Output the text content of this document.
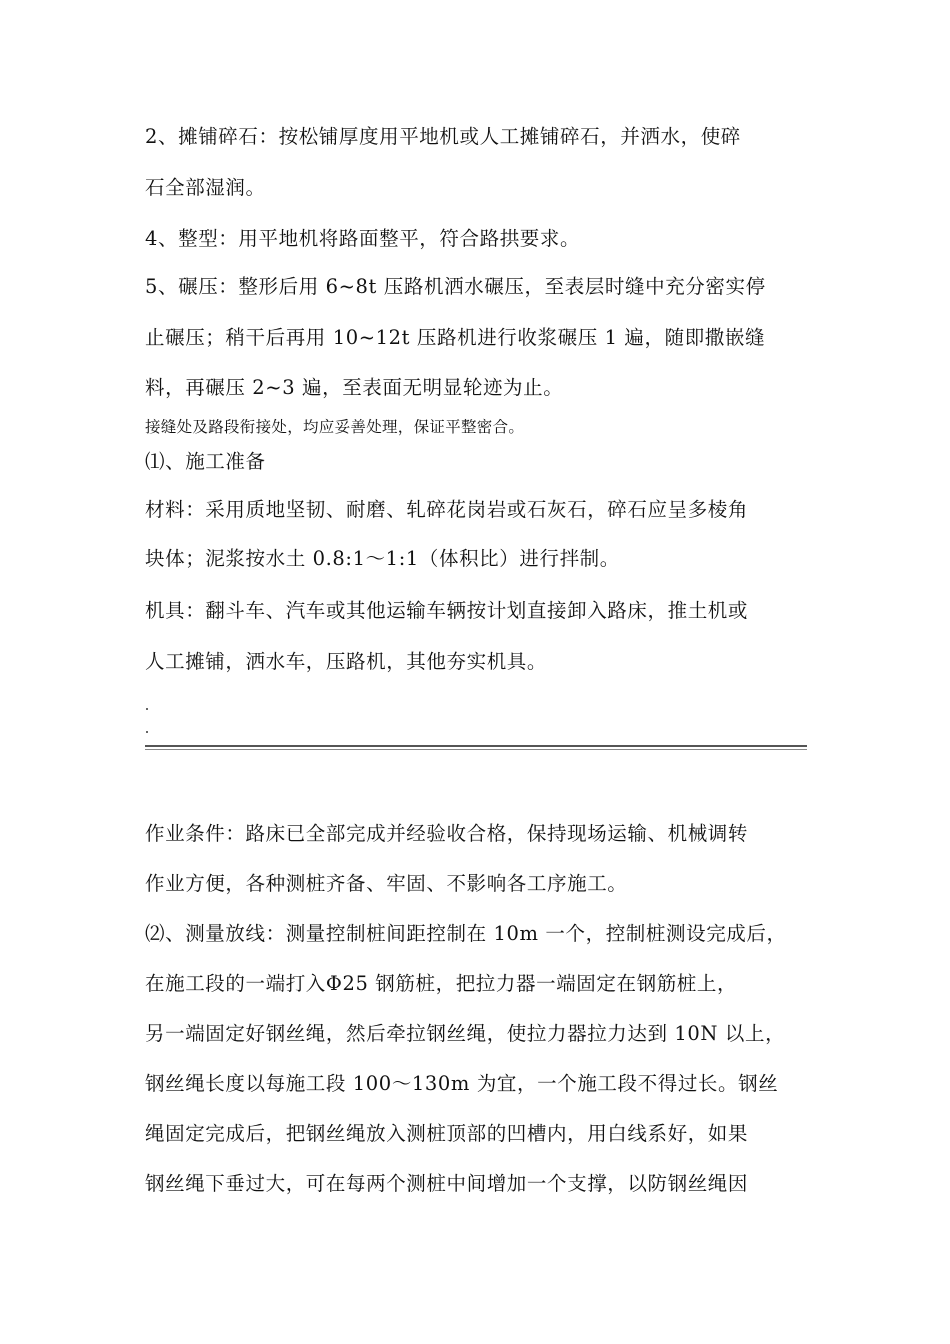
2、摊铺碎石：按松铺厚度用平地机或人工摊铺碎石，并洒水，使碎
石全部湿润。
4、整型：用平地机将路面整平，符合路拱要求。
5、碾压：整形后用 6~8t 压路机洒水碾压，至表层时缝中充分密实停
止碾压；稍干后再用 10~12t 压路机进行收浆碾压 1 遍，随即撒嵌缝
料，再碾压 2~3 遍，至表面无明显轮迹为止。
接缝处及路段衔接处，均应妥善处理，保证平整密合。
⑴、施工准备
材料：采用质地坚韧、耐磨、轧碎花岗岩或石灰石，碎石应呈多棱角
块体；泥浆按水土 0.8:1～1:1（体积比）进行拌制。
机具：翻斗车、汽车或其他运输车辆按计划直接卸入路床，推土机或
人工摊铺，洒水车，压路机，其他夯实机具。
作业条件：路床已全部完成并经验收合格，保持现场运输、机械调转
作业方便，各种测桩齐备、牢固、不影响各工序施工。
⑵、测量放线：测量控制桩间距控制在 10m 一个，控制桩测设完成后，
在施工段的一端打入Φ25 钢筋桩，把拉力器一端固定在钢筋桩上，
另一端固定好钢丝绳，然后牵拉钢丝绳，使拉力器拉力达到 10N 以上，
钢丝绳长度以每施工段 100～130m 为宜，一个施工段不得过长。钢丝
绳固定完成后，把钢丝绳放入测桩顶部的凹槽内，用白线系好，如果
钢丝绳下垂过大，可在每两个测桩中间增加一个支撑，以防钢丝绳因
